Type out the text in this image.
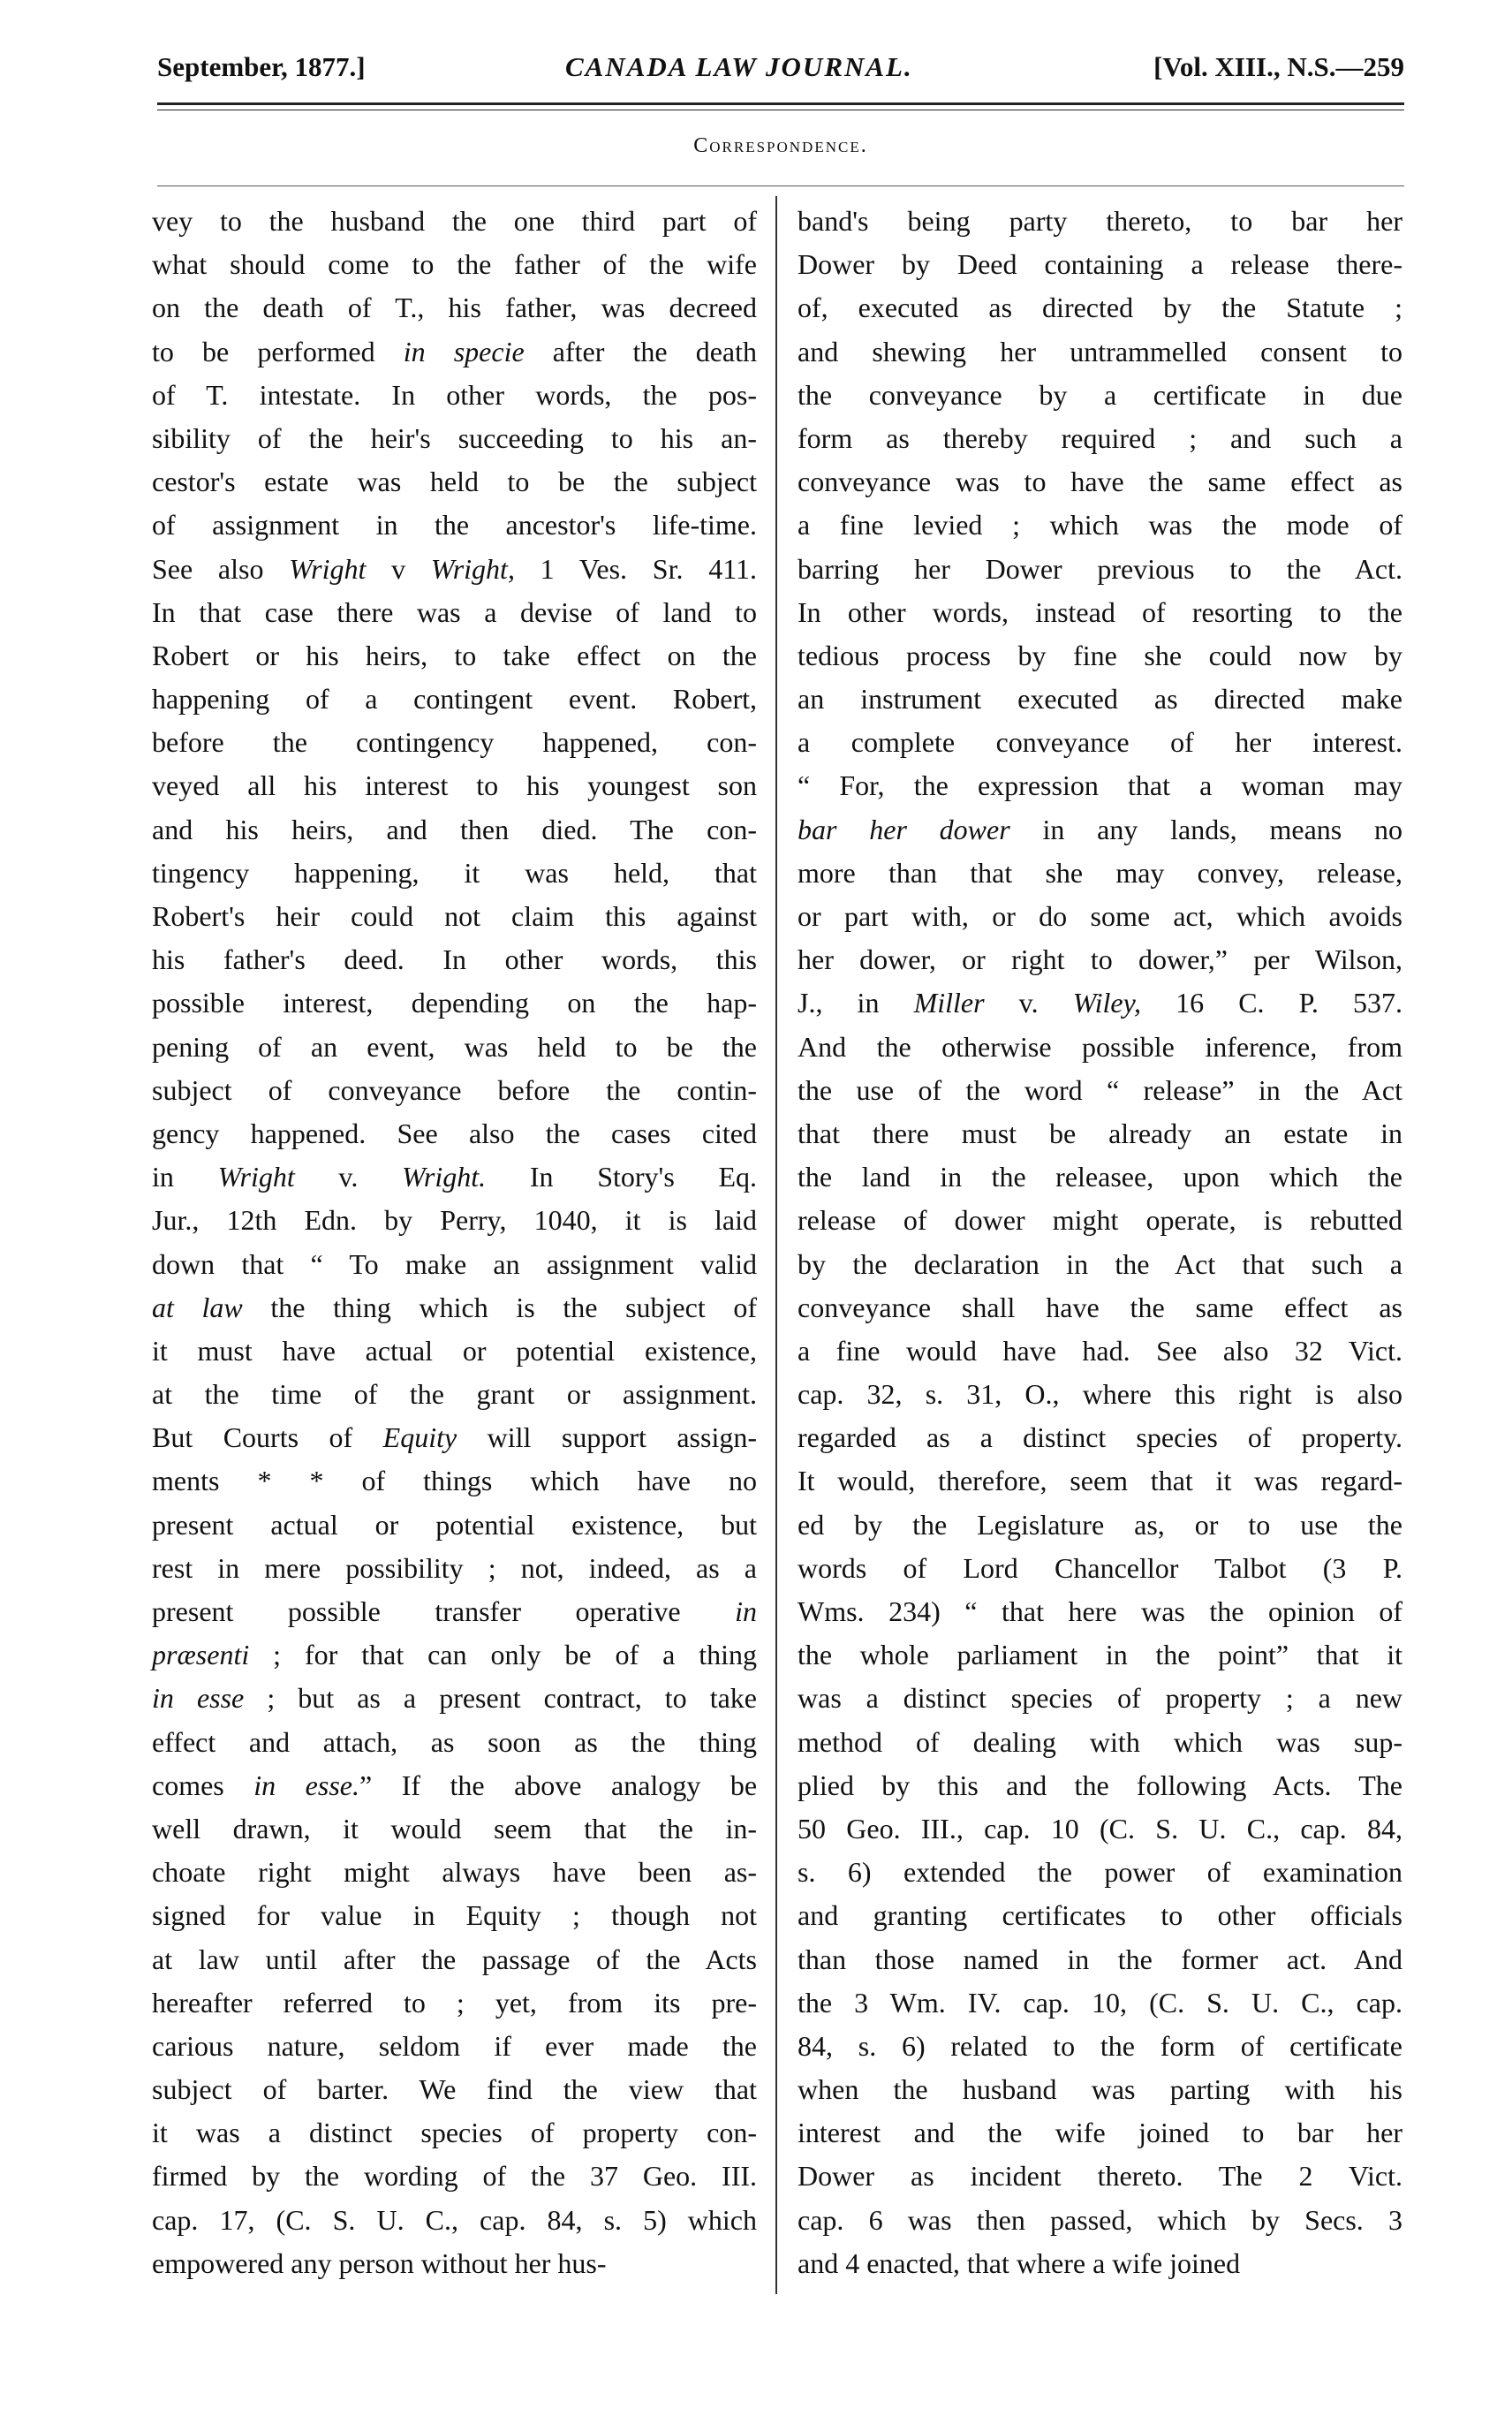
September, 1877.]	CANADA LAW JOURNAL.	[Vol. XIII., N.S.—259
Correspondence.
vey to the husband the one third part of
what should come to the father of the wife
on the death of T., his father, was decreed
to be performed in specie after the death
of T. intestate. In other words, the pos-
sibility of the heir's succeeding to his an-
cestor's estate was held to be the subject
of assignment in the ancestor's life-time.
See also Wright v Wright, 1 Ves. Sr. 411.
In that case there was a devise of land to
Robert or his heirs, to take effect on the
happening of a contingent event. Robert,
before the contingency happened, con-
veyed all his interest to his youngest son
and his heirs, and then died. The con-
tingency happening, it was held, that
Robert's heir could not claim this against
his father's deed. In other words, this
possible interest, depending on the hap-
pening of an event, was held to be the
subject of conveyance before the contin-
gency happened. See also the cases cited
in Wright v. Wright. In Story's Eq.
Jur., 12th Edn. by Perry, 1040, it is laid
down that “ To make an assignment valid
at law the thing which is the subject of
it must have actual or potential existence,
at the time of the grant or assignment.
But Courts of Equity will support assign-
ments * * of things which have no
present actual or potential existence, but
rest in mere possibility ; not, indeed, as a
present possible transfer operative in
præsenti ; for that can only be of a thing
in esse ; but as a present contract, to take
effect and attach, as soon as the thing
comes in esse.” If the above analogy be
well drawn, it would seem that the in-
choate right might always have been as-
signed for value in Equity ; though not
at law until after the passage of the Acts
hereafter referred to ; yet, from its pre-
carious nature, seldom if ever made the
subject of barter. We find the view that
it was a distinct species of property con-
firmed by the wording of the 37 Geo. III.
cap. 17, (C. S. U. C., cap. 84, s. 5) which
empowered any person without her hus-
band's being party thereto, to bar her
Dower by Deed containing a release there-
of, executed as directed by the Statute ;
and shewing her untrammelled consent to
the conveyance by a certificate in due
form as thereby required ; and such a
conveyance was to have the same effect as
a fine levied ; which was the mode of
barring her Dower previous to the Act.
In other words, instead of resorting to the
tedious process by fine she could now by
an instrument executed as directed make
a complete conveyance of her interest.
“ For, the expression that a woman may
bar her dower in any lands, means no
more than that she may convey, release,
or part with, or do some act, which avoids
her dower, or right to dower,” per Wilson,
J., in Miller v. Wiley, 16 C. P. 537.
And the otherwise possible inference, from
the use of the word “ release” in the Act
that there must be already an estate in
the land in the releasee, upon which the
release of dower might operate, is rebutted
by the declaration in the Act that such a
conveyance shall have the same effect as
a fine would have had. See also 32 Vict.
cap. 32, s. 31, O., where this right is also
regarded as a distinct species of property.
It would, therefore, seem that it was regard-
ed by the Legislature as, or to use the
words of Lord Chancellor Talbot (3 P.
Wms. 234) “ that here was the opinion of
the whole parliament in the point” that it
was a distinct species of property ; a new
method of dealing with which was sup-
plied by this and the following Acts. The
50 Geo. III., cap. 10 (C. S. U. C., cap. 84,
s. 6) extended the power of examination
and granting certificates to other officials
than those named in the former act. And
the 3 Wm. IV. cap. 10, (C. S. U. C., cap.
84, s. 6) related to the form of certificate
when the husband was parting with his
interest and the wife joined to bar her
Dower as incident thereto. The 2 Vict.
cap. 6 was then passed, which by Secs. 3
and 4 enacted, that where a wife joined
